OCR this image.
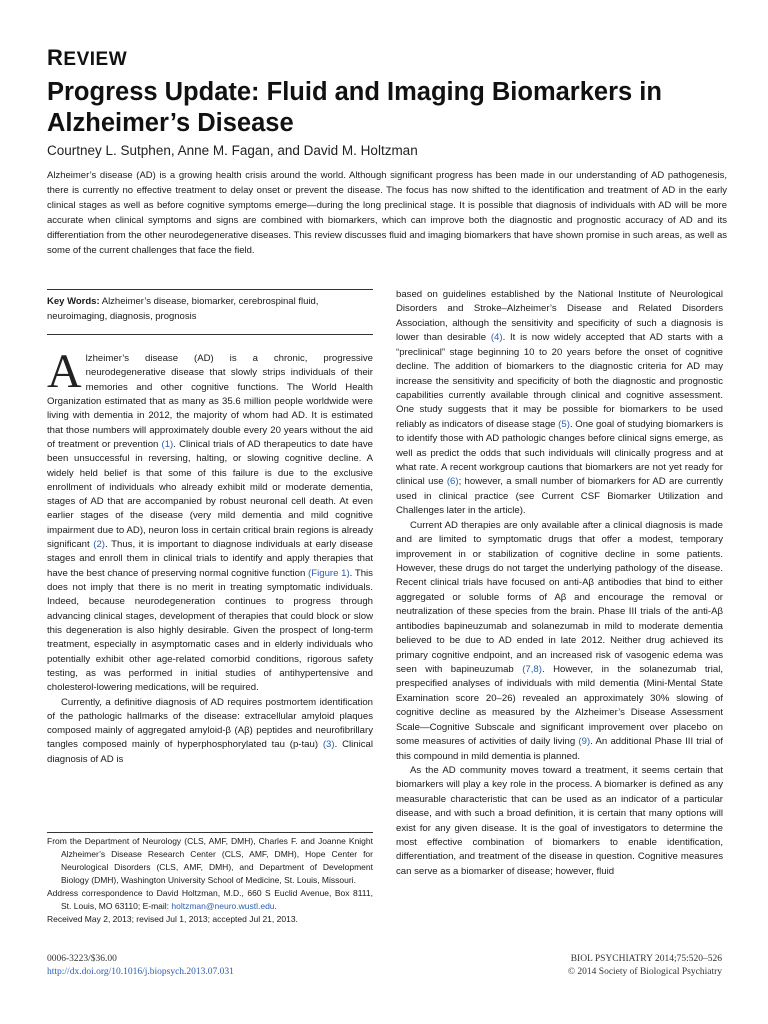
REVIEW
Progress Update: Fluid and Imaging Biomarkers in Alzheimer’s Disease
Courtney L. Sutphen, Anne M. Fagan, and David M. Holtzman

Alzheimer’s disease (AD) is a growing health crisis around the world. Although significant progress has been made in our understanding of AD pathogenesis, there is currently no effective treatment to delay onset or prevent the disease. The focus has now shifted to the identification and treatment of AD in the early clinical stages as well as before cognitive symptoms emerge—during the long preclinical stage. It is possible that diagnosis of individuals with AD will be more accurate when clinical symptoms and signs are combined with biomarkers, which can improve both the diagnostic and prognostic accuracy of AD and its differentiation from the other neurodegenerative diseases. This review discusses fluid and imaging biomarkers that have shown promise in such areas, as well as some of the current challenges that face the field.

Key Words: Alzheimer’s disease, biomarker, cerebrospinal fluid, neuroimaging, diagnosis, prognosis

Alzheimer’s disease (AD) is a chronic, progressive neurodegenerative disease that slowly strips individuals of their memories and other cognitive functions. The World Health Organization estimated that as many as 35.6 million people worldwide were living with dementia in 2012, the majority of whom had AD. It is estimated that those numbers will approximately double every 20 years without the aid of treatment or prevention (1). Clinical trials of AD therapeutics to date have been unsuccessful in reversing, halting, or slowing cognitive decline. A widely held belief is that some of this failure is due to the exclusive enrollment of individuals who already exhibit mild or moderate dementia, stages of AD that are accompanied by robust neuronal cell death. At even earlier stages of the disease (very mild dementia and mild cognitive impairment due to AD), neuron loss in certain critical brain regions is already significant (2). Thus, it is important to diagnose individuals at early disease stages and enroll them in clinical trials to identify and apply therapies that have the best chance of preserving normal cognitive function (Figure 1). This does not imply that there is no merit in treating symptomatic individuals. Indeed, because neurodegeneration continues to progress through advancing clinical stages, development of therapies that could block or slow this degeneration is also highly desirable. Given the prospect of long-term treatment, especially in asymptomatic cases and in elderly individuals who potentially exhibit other age-related comorbid conditions, rigorous safety testing, as was performed in initial studies of antihypertensive and cholesterol-lowering medications, will be required.

Currently, a definitive diagnosis of AD requires postmortem identification of the pathologic hallmarks of the disease: extracellular amyloid plaques composed mainly of aggregated amyloid-β (Aβ) peptides and neurofibrillary tangles composed mainly of hyperphosphorylated tau (p-tau) (3). Clinical diagnosis of AD is

From the Department of Neurology (CLS, AMF, DMH), Charles F. and Joanne Knight Alzheimer’s Disease Research Center (CLS, AMF, DMH), Hope Center for Neurological Disorders (CLS, AMF, DMH), and Department of Development Biology (DMH), Washington University School of Medicine, St. Louis, Missouri.

Address correspondence to David Holtzman, M.D., 660 S Euclid Avenue, Box 8111, St. Louis, MO 63110; E-mail: holtzman@neuro.wustl.edu.

Received May 2, 2013; revised Jul 1, 2013; accepted Jul 21, 2013.

based on guidelines established by the National Institute of Neurological Disorders and Stroke–Alzheimer’s Disease and Related Disorders Association, although the sensitivity and specificity of such a diagnosis is lower than desirable (4). It is now widely accepted that AD starts with a “preclinical” stage beginning 10 to 20 years before the onset of cognitive decline. The addition of biomarkers to the diagnostic criteria for AD may increase the sensitivity and specificity of both the diagnostic and prognostic capabilities currently available through clinical and cognitive assessment. One study suggests that it may be possible for biomarkers to be used reliably as indicators of disease stage (5). One goal of studying biomarkers is to identify those with AD pathologic changes before clinical signs emerge, as well as predict the odds that such individuals will clinically progress and at what rate. A recent workgroup cautions that biomarkers are not yet ready for clinical use (6); however, a small number of biomarkers for AD are currently used in clinical practice (see Current CSF Biomarker Utilization and Challenges later in the article).

Current AD therapies are only available after a clinical diagnosis is made and are limited to symptomatic drugs that offer a modest, temporary improvement in or stabilization of cognitive decline in some patients. However, these drugs do not target the underlying pathology of the disease. Recent clinical trials have focused on anti-Aβ antibodies that bind to either aggregated or soluble forms of Aβ and encourage the removal or neutralization of these species from the brain. Phase III trials of the anti-Aβ antibodies bapineuzumab and solanezumab in mild to moderate dementia believed to be due to AD ended in late 2012. Neither drug achieved its primary cognitive endpoint, and an increased risk of vasogenic edema was seen with bapineuzumab (7,8). However, in the solanezumab trial, prespecified analyses of individuals with mild dementia (Mini-Mental State Examination score 20–26) revealed an approximately 30% slowing of cognitive decline as measured by the Alzheimer’s Disease Assessment Scale—Cognitive Subscale and significant improvement over placebo on some measures of activities of daily living (9). An additional Phase III trial of this compound in mild dementia is planned.

As the AD community moves toward a treatment, it seems certain that biomarkers will play a key role in the process. A biomarker is defined as any measurable characteristic that can be used as an indicator of a particular disease, and with such a broad definition, it is certain that many options will exist for any given disease. It is the goal of investigators to determine the most effective combination of biomarkers to enable identification, differentiation, and treatment of the disease in question. Cognitive measures can serve as a biomarker of disease; however, fluid

0006-3223/$36.00
http://dx.doi.org/10.1016/j.biopsych.2013.07.031
BIOL PSYCHIATRY 2014;75:520–526
© 2014 Society of Biological Psychiatry
